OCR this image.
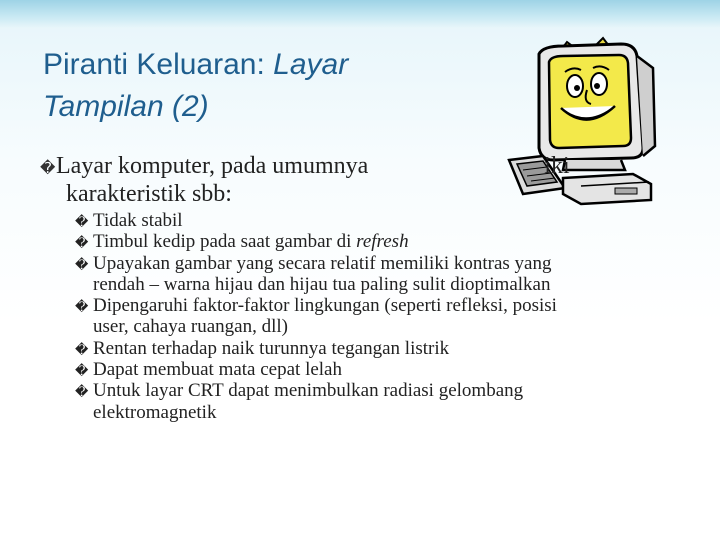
Piranti Keluaran: Layar
Tampilan (2)
�Layar komputer, pada umumnya	iki
karakteristik sbb:
� Tidak stabil
� Timbul kedip pada saat gambar di refresh
� Upayakan gambar yang secara relatif memiliki kontras yang
rendah – warna hijau dan hijau tua paling sulit dioptimalkan
� Dipengaruhi faktor-faktor lingkungan (seperti refleksi, posisi
user, cahaya ruangan, dll)
� Rentan terhadap naik turunnya tegangan listrik
� Dapat membuat mata cepat lelah
� Untuk layar CRT dapat menimbulkan radiasi gelombang
elektromagnetik
